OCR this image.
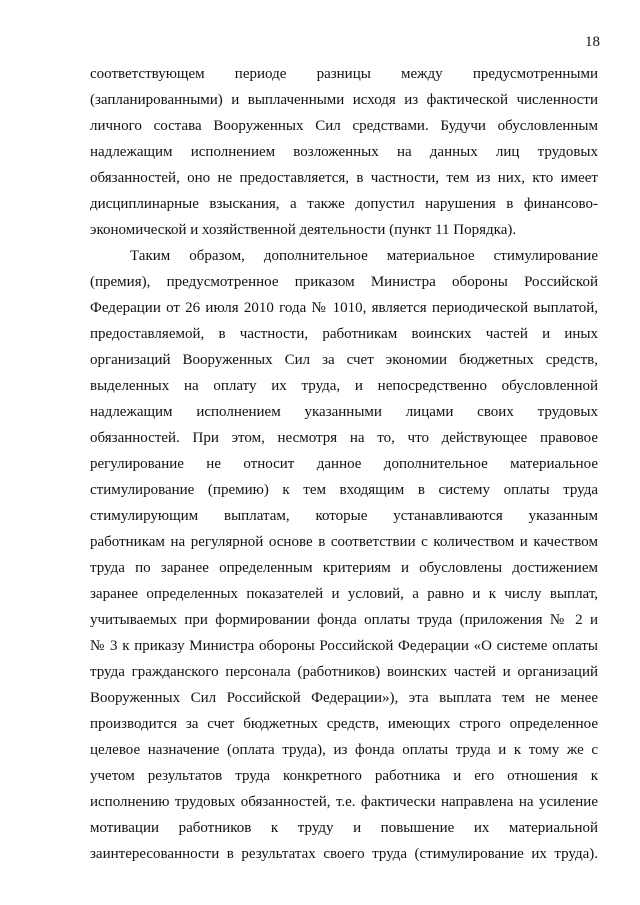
18
соответствующем периоде разницы между предусмотренными
(запланированными) и выплаченными исходя из фактической численности
личного состава Вооруженных Сил средствами. Будучи обусловленным
надлежащим исполнением возложенных на данных лиц трудовых
обязанностей, оно не предоставляется, в частности, тем из них, кто имеет
дисциплинарные взыскания, а также допустил нарушения в финансово-
экономической и хозяйственной деятельности (пункт 11 Порядка).
Таким образом, дополнительное материальное стимулирование
(премия), предусмотренное приказом Министра обороны Российской
Федерации от 26 июля 2010 года № 1010, является периодической выплатой,
предоставляемой, в частности, работникам воинских частей и иных
организаций Вооруженных Сил за счет экономии бюджетных средств,
выделенных на оплату их труда, и непосредственно обусловленной
надлежащим исполнением указанными лицами своих трудовых
обязанностей. При этом, несмотря на то, что действующее правовое
регулирование не относит данное дополнительное материальное
стимулирование (премию) к тем входящим в систему оплаты труда
стимулирующим выплатам, которые устанавливаются указанным
работникам на регулярной основе в соответствии с количеством и качеством
труда по заранее определенным критериям и обусловлены достижением
заранее определенных показателей и условий, а равно и к числу выплат,
учитываемых при формировании фонда оплаты труда (приложения № 2 и
№ 3 к приказу Министра обороны Российской Федерации «О системе оплаты
труда гражданского персонала (работников) воинских частей и организаций
Вооруженных Сил Российской Федерации»), эта выплата тем не менее
производится за счет бюджетных средств, имеющих строго определенное
целевое назначение (оплата труда), из фонда оплаты труда и к тому же с
учетом результатов труда конкретного работника и его отношения к
исполнению трудовых обязанностей, т.е. фактически направлена на усиление
мотивации работников к труду и повышение их материальной
заинтересованности в результатах своего труда (стимулирование их труда).
